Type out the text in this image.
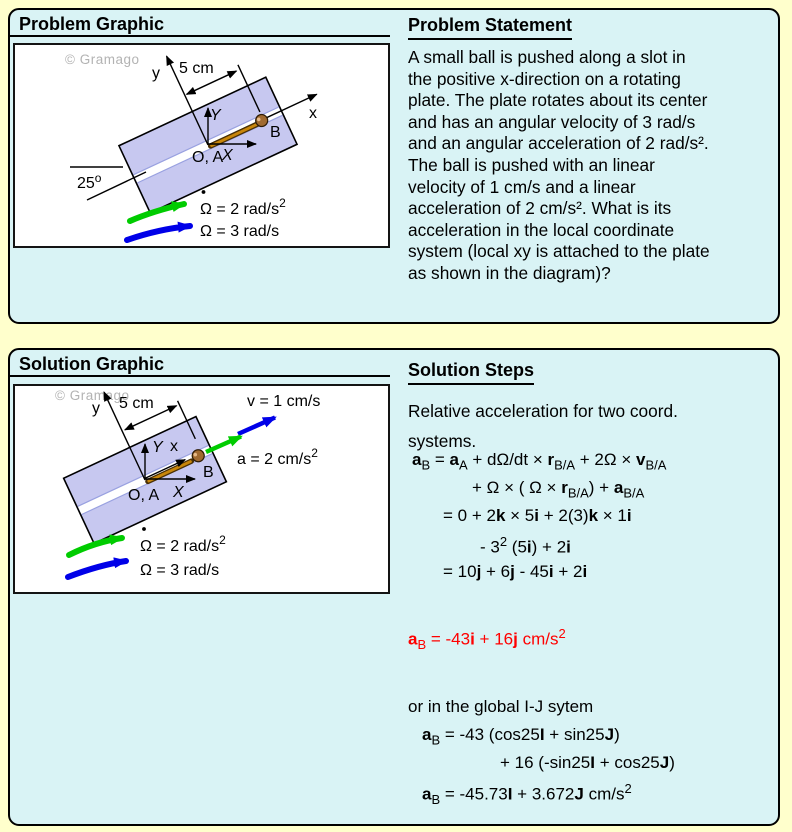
Problem Graphic
© Gramago
y 5 cm
x
Y
X
O, A
B
25$^o$
Ω = 2 rad/$s^2$
Ω = 3 rad/s
Problem Statement
A small ball is pushed along a slot in
the positive x-direction on a rotating
plate. The plate rotates about its center
and has an angular velocity of 3 rad/s
and an angular acceleration of 2 rad/s².
The ball is pushed with an linear
velocity of 1 cm/s and a linear
acceleration of 2 cm/s². What is its
acceleration in the local coordinate
system (local xy is attached to the plate
as shown in the diagram)?
Solution Graphic
© Gramago
y 5 cm
Y x
X
O, A
B
v = 1 cm/s
a = 2 $cm/s^2$
Ω = 2 rad/$s^2$
Ω = 3 rad/s
Solution Steps
Relative acceleration for two coord.
systems.
$a_B = a_A + d\Omega/dt \times r_{B/A} + 2\Omega \times v_{B/A}$
+ Ω × ( $\Omega \times r_{B/A}) + a_{B/A}$
= 0 + 2k × 5i + 2(3)k × 1i
- $3^2$ (5i) + 2i
= 10j + 6j - 45i + 2i
$a_B = -43i + 16j$ $cm/s^2$
or in the global I-J sytem
$a_B = -43$ (cos25I + sin25J)
+ 16 (-sin25I + cos25J)
$a_B = -45.73I + 3.672J$ $cm/s^2$
